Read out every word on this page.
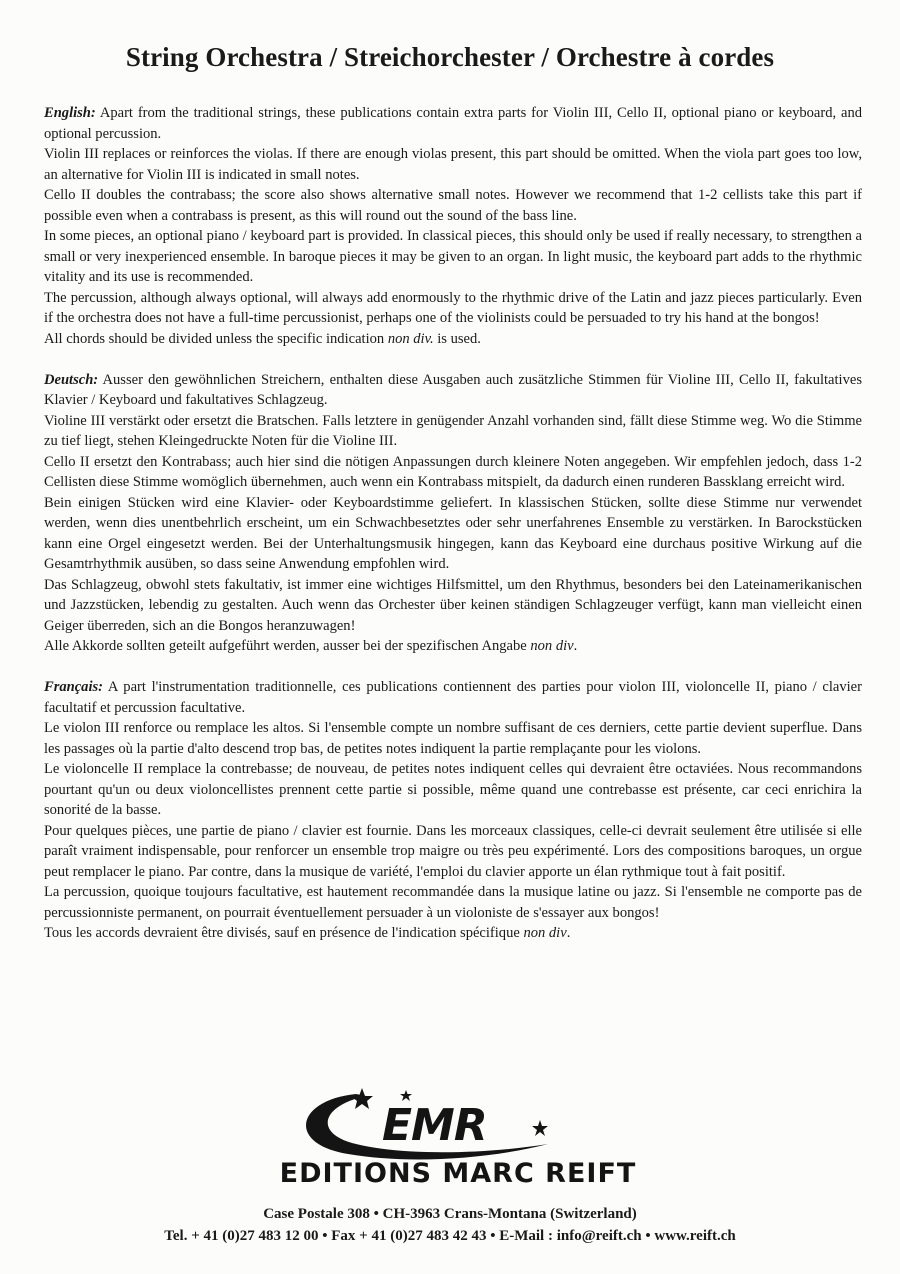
String Orchestra / Streichorchester / Orchestre à cordes

English: Apart from the traditional strings, these publications contain extra parts for Violin III, Cello II, optional piano or keyboard, and optional percussion.

Violin III replaces or reinforces the violas. If there are enough violas present, this part should be omitted. When the viola part goes too low, an alternative for Violin III is indicated in small notes.

Cello II doubles the contrabass; the score also shows alternative small notes. However we recommend that 1-2 cellists take this part if possible even when a contrabass is present, as this will round out the sound of the bass line.

In some pieces, an optional piano / keyboard part is provided. In classical pieces, this should only be used if really necessary, to strengthen a small or very inexperienced ensemble. In baroque pieces it may be given to an organ. In light music, the keyboard part adds to the rhythmic vitality and its use is recommended.

The percussion, although always optional, will always add enormously to the rhythmic drive of the Latin and jazz pieces particularly. Even if the orchestra does not have a full-time percussionist, perhaps one of the violinists could be persuaded to try his hand at the bongos!

All chords should be divided unless the specific indication non div. is used.

Deutsch: Ausser den gewöhnlichen Streichern, enthalten diese Ausgaben auch zusätzliche Stimmen für Violine III, Cello II, fakultatives Klavier / Keyboard und fakultatives Schlagzeug.

Violine III verstärkt oder ersetzt die Bratschen. Falls letztere in genügender Anzahl vorhanden sind, fällt diese Stimme weg. Wo die Stimme zu tief liegt, stehen Kleingedruckte Noten für die Violine III.

Cello II ersetzt den Kontrabass; auch hier sind die nötigen Anpassungen durch kleinere Noten angegeben. Wir empfehlen jedoch, dass 1-2 Cellisten diese Stimme womöglich übernehmen, auch wenn ein Kontrabass mitspielt, da dadurch einen runderen Bassklang erreicht wird.

Bein einigen Stücken wird eine Klavier- oder Keyboardstimme geliefert. In klassischen Stücken, sollte diese Stimme nur verwendet werden, wenn dies unentbehrlich erscheint, um ein Schwachbesetztes oder sehr unerfahrenes Ensemble zu verstärken. In Barockstücken kann eine Orgel eingesetzt werden. Bei der Unterhaltungsmusik hingegen, kann das Keyboard eine durchaus positive Wirkung auf die Gesamtrhythmik ausüben, so dass seine Anwendung empfohlen wird.

Das Schlagzeug, obwohl stets fakultativ, ist immer eine wichtiges Hilfsmittel, um den Rhythmus, besonders bei den Lateinamerikanischen und Jazzstücken, lebendig zu gestalten. Auch wenn das Orchester über keinen ständigen Schlagzeuger verfügt, kann man vielleicht einen Geiger überreden, sich an die Bongos heranzuwagen!

Alle Akkorde sollten geteilt aufgeführt werden, ausser bei der spezifischen Angabe non div.

Français: A part l'instrumentation traditionnelle, ces publications contiennent des parties pour violon III, violoncelle II, piano / clavier facultatif et percussion facultative.

Le violon III renforce ou remplace les altos. Si l'ensemble compte un nombre suffisant de ces derniers, cette partie devient superflue. Dans les passages où la partie d'alto descend trop bas, de petites notes indiquent la partie remplaçante pour les violons.

Le violoncelle II remplace la contrebasse; de nouveau, de petites notes indiquent celles qui devraient être octaviées. Nous recommandons pourtant qu'un ou deux violoncellistes prennent cette partie si possible, même quand une contrebasse est présente, car ceci enrichira la sonorité de la basse.

Pour quelques pièces, une partie de piano / clavier est fournie. Dans les morceaux classiques, celle-ci devrait seulement être utilisée si elle paraît vraiment indispensable, pour renforcer un ensemble trop maigre ou très peu expérimenté. Lors des compositions baroques, un orgue peut remplacer le piano. Par contre, dans la musique de variété, l'emploi du clavier apporte un élan rythmique tout à fait positif.

La percussion, quoique toujours facultative, est hautement recommandée dans la musique latine ou jazz. Si l'ensemble ne comporte pas de percussionniste permanent, on pourrait éventuellement persuader à un violoniste de s'essayer aux bongos!

Tous les accords devraient être divisés, sauf en présence de l'indication spécifique non div.

EMR
EDITIONS MARC REIFT
Case Postale 308 • CH-3963 Crans-Montana (Switzerland)
Tel. + 41 (0)27 483 12 00 • Fax + 41 (0)27 483 42 43 • E-Mail : info@reift.ch • www.reift.ch
